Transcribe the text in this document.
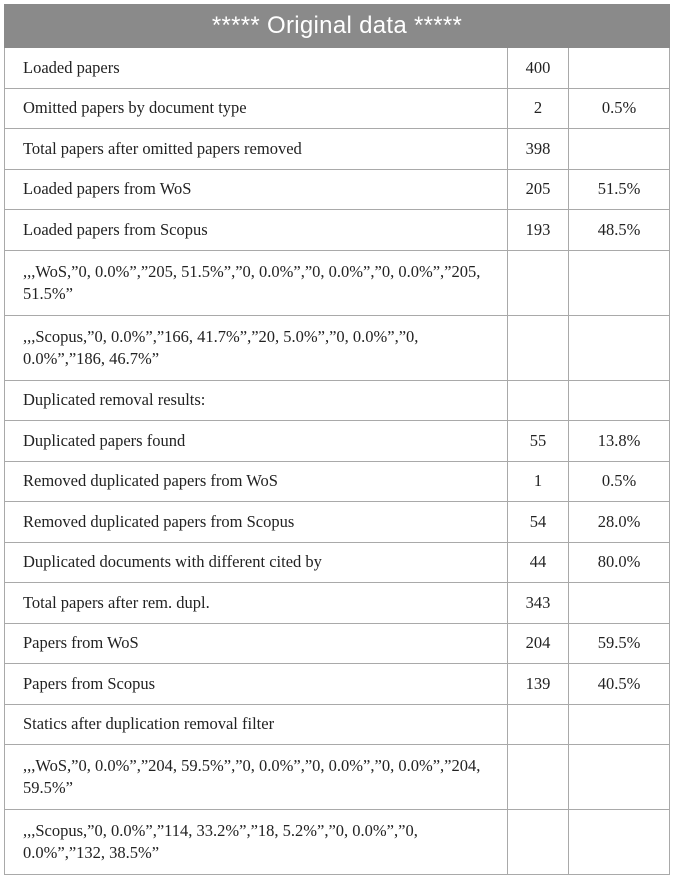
***** Original data *****		
Loaded papers	400	
Omitted papers by document type	2	0.5%
Total papers after omitted papers removed	398	
Loaded papers from WoS	205	51.5%
Loaded papers from Scopus	193	48.5%
,,,WoS,”0, 0.0%”,”205, 51.5%”,”0, 0.0%”,”0, 0.0%”,”0, 0.0%”,”205, 51.5%”		
,,,Scopus,”0, 0.0%”,”166, 41.7%”,”20, 5.0%”,”0, 0.0%”,”0, 0.0%”,”186, 46.7%”		
Duplicated removal results:		
Duplicated papers found	55	13.8%
Removed duplicated papers from WoS	1	0.5%
Removed duplicated papers from Scopus	54	28.0%
Duplicated documents with different cited by	44	80.0%
Total papers after rem. dupl.	343	
Papers from WoS	204	59.5%
Papers from Scopus	139	40.5%
Statics after duplication removal filter		
,,,WoS,”0, 0.0%”,”204, 59.5%”,”0, 0.0%”,”0, 0.0%”,”0, 0.0%”,”204, 59.5%”		
,,,Scopus,”0, 0.0%”,”114, 33.2%”,”18, 5.2%”,”0, 0.0%”,”0, 0.0%”,”132, 38.5%”		
